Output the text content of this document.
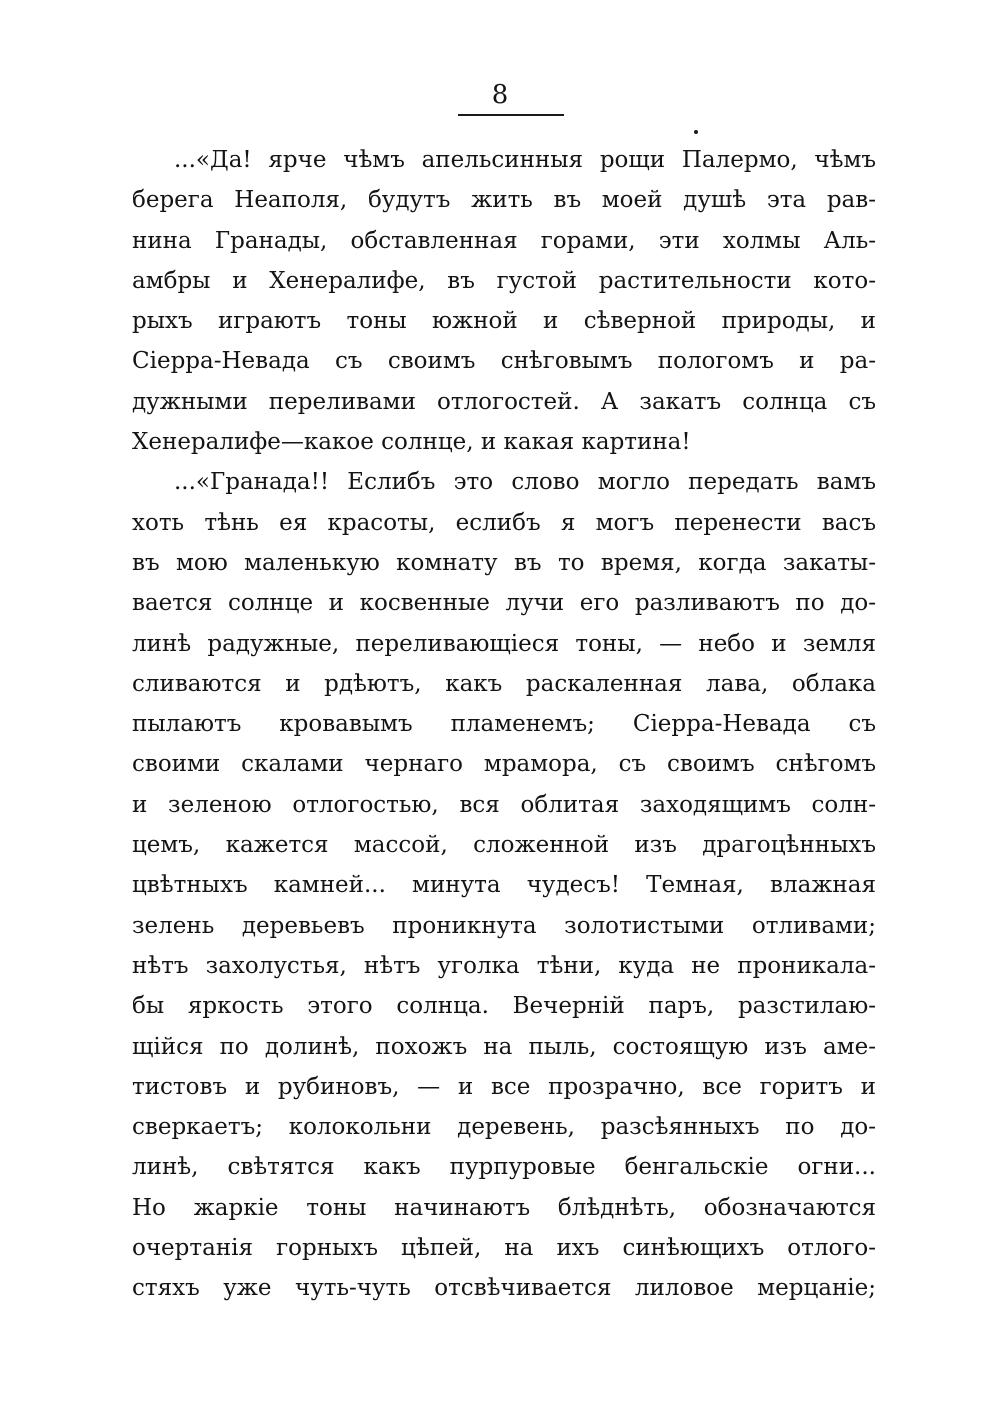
8
...«Да! ярче чѣмъ апельсинныя рощи Палермо, чѣмъ
берега Неаполя, будутъ жить въ моей душѣ эта рав-
нина Гранады, обставленная горами, эти холмы Аль-
амбры и Хенералифе, въ густой растительности кото-
рыхъ играютъ тоны южной и сѣверной природы, и
Сіерра-Невада съ своимъ снѣговымъ пологомъ и ра-
дужными переливами отлогостей. А закатъ солнца съ
Хенералифе—какое солнце, и какая картина!
...«Гранада!! Еслибъ это слово могло передать вамъ
хоть тѣнь ея красоты, еслибъ я могъ перенести васъ
въ мою маленькую комнату въ то время, когда закаты-
вается солнце и косвенные лучи его разливаютъ по до-
линѣ радужные, переливающіеся тоны, — небо и земля
сливаются и рдѣютъ, какъ раскаленная лава, облака
пылаютъ кровавымъ пламенемъ; Сіерра-Невада съ
своими скалами чернаго мрамора, съ своимъ снѣгомъ
и зеленою отлогостью, вся облитая заходящимъ солн-
цемъ, кажется массой, сложенной изъ драгоцѣнныхъ
цвѣтныхъ камней... минута чудесъ! Темная, влажная
зелень деревьевъ проникнута золотистыми отливами;
нѣтъ захолустья, нѣтъ уголка тѣни, куда не проникала-
бы яркость этого солнца. Вечерній паръ, разстилаю-
щійся по долинѣ, похожъ на пыль, состоящую изъ аме-
тистовъ и рубиновъ, — и все прозрачно, все горитъ и
сверкаетъ; колокольни деревень, разсѣянныхъ по до-
линѣ, свѣтятся какъ пурпуровые бенгальскіе огни...
Но жаркіе тоны начинаютъ блѣднѣть, обозначаются
очертанія горныхъ цѣпей, на ихъ синѣющихъ отлого-
стяхъ уже чуть-чуть отсвѣчивается лиловое мерцаніе;
